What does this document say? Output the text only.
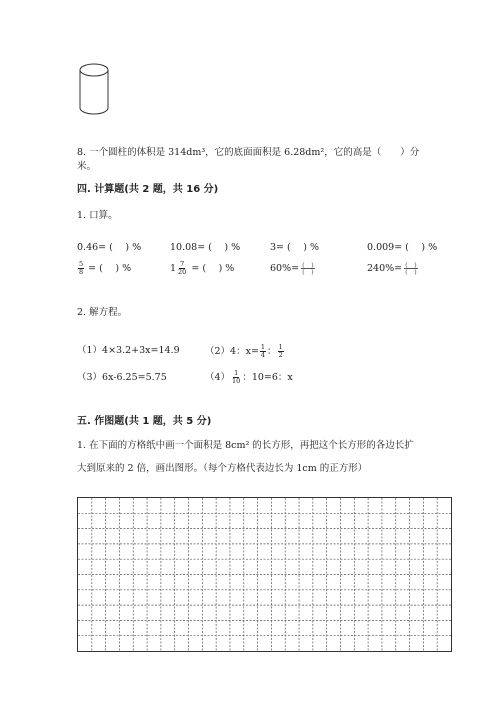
8. 一个圆柱的体积是 314dm³，它的底面面积是 6.28dm²，它的高是（　　）分
米。
四. 计算题(共 2 题，共 16 分)
1. 口算。
0.46= (　 ) %	10.08= (　 ) %	3= (　 ) %	0.009= (　 ) %
$\frac{5}{8}$ = (　 ) %	$1 \frac{7}{20}$ = (　 ) %	$60\%= \frac{( )}{( )}$	$240\%= \frac{( )}{( )}$
2. 解方程。
（1）4×3.2+3x=14.9	（2）4：$x= \frac{1}{4}$ ： $\frac{1}{2}$
（3）6x-6.25=5.75	$(4) \frac{1}{10}$ ：10=6：x
五. 作图题(共 1 题，共 5 分)
1. 在下面的方格纸中画一个面积是 8cm² 的长方形，再把这个长方形的各边长扩
大到原来的 2 倍，画出图形。（每个方格代表边长为 1cm 的正方形）
